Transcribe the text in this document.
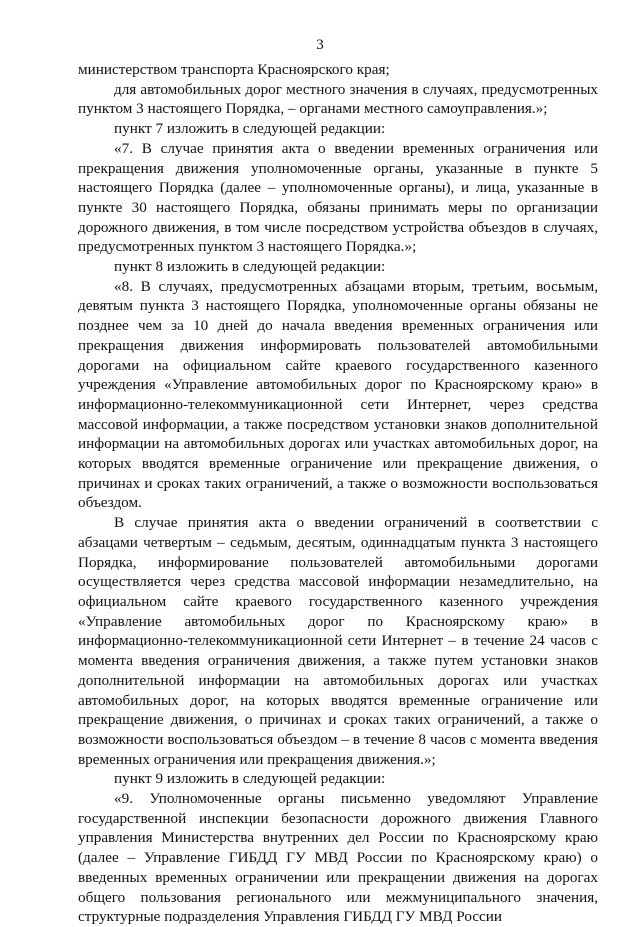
3

министерством транспорта Красноярского края;

для автомобильных дорог местного значения в случаях, предусмотренных пунктом 3 настоящего Порядка, – органами местного самоуправления.»;

пункт 7 изложить в следующей редакции:

«7. В случае принятия акта о введении временных ограничения или прекращения движения уполномоченные органы, указанные в пункте 5 настоящего Порядка (далее – уполномоченные органы), и лица, указанные в пункте 30 настоящего Порядка, обязаны принимать меры по организации дорожного движения, в том числе посредством устройства объездов в случаях, предусмотренных пунктом 3 настоящего Порядка.»;

пункт 8 изложить в следующей редакции:

«8. В случаях, предусмотренных абзацами вторым, третьим, восьмым, девятым пункта 3 настоящего Порядка, уполномоченные органы обязаны не позднее чем за 10 дней до начала введения временных ограничения или прекращения движения информировать пользователей автомобильными дорогами на официальном сайте краевого государственного казенного учреждения «Управление автомобильных дорог по Красноярскому краю» в информационно-телекоммуникационной сети Интернет, через средства массовой информации, а также посредством установки знаков дополнительной информации на автомобильных дорогах или участках автомобильных дорог, на которых вводятся временные ограничение или прекращение движения, о причинах и сроках таких ограничений, а также о возможности воспользоваться объездом.

В случае принятия акта о введении ограничений в соответствии с абзацами четвертым – седьмым, десятым, одиннадцатым пункта 3 настоящего Порядка, информирование пользователей автомобильными дорогами осуществляется через средства массовой информации незамедлительно, на официальном сайте краевого государственного казенного учреждения «Управление автомобильных дорог по Красноярскому краю» в информационно-телекоммуникационной сети Интернет – в течение 24 часов с момента введения ограничения движения, а также путем установки знаков дополнительной информации на автомобильных дорогах или участках автомобильных дорог, на которых вводятся временные ограничение или прекращение движения, о причинах и сроках таких ограничений, а также о возможности воспользоваться объездом – в течение 8 часов с момента введения временных ограничения или прекращения движения.»;

пункт 9 изложить в следующей редакции:

«9. Уполномоченные органы письменно уведомляют Управление государственной инспекции безопасности дорожного движения Главного управления Министерства внутренних дел России по Красноярскому краю (далее – Управление ГИБДД ГУ МВД России по Красноярскому краю) о введенных временных ограничении или прекращении движения на дорогах общего пользования регионального или межмуниципального значения, структурные подразделения Управления ГИБДД ГУ МВД России
